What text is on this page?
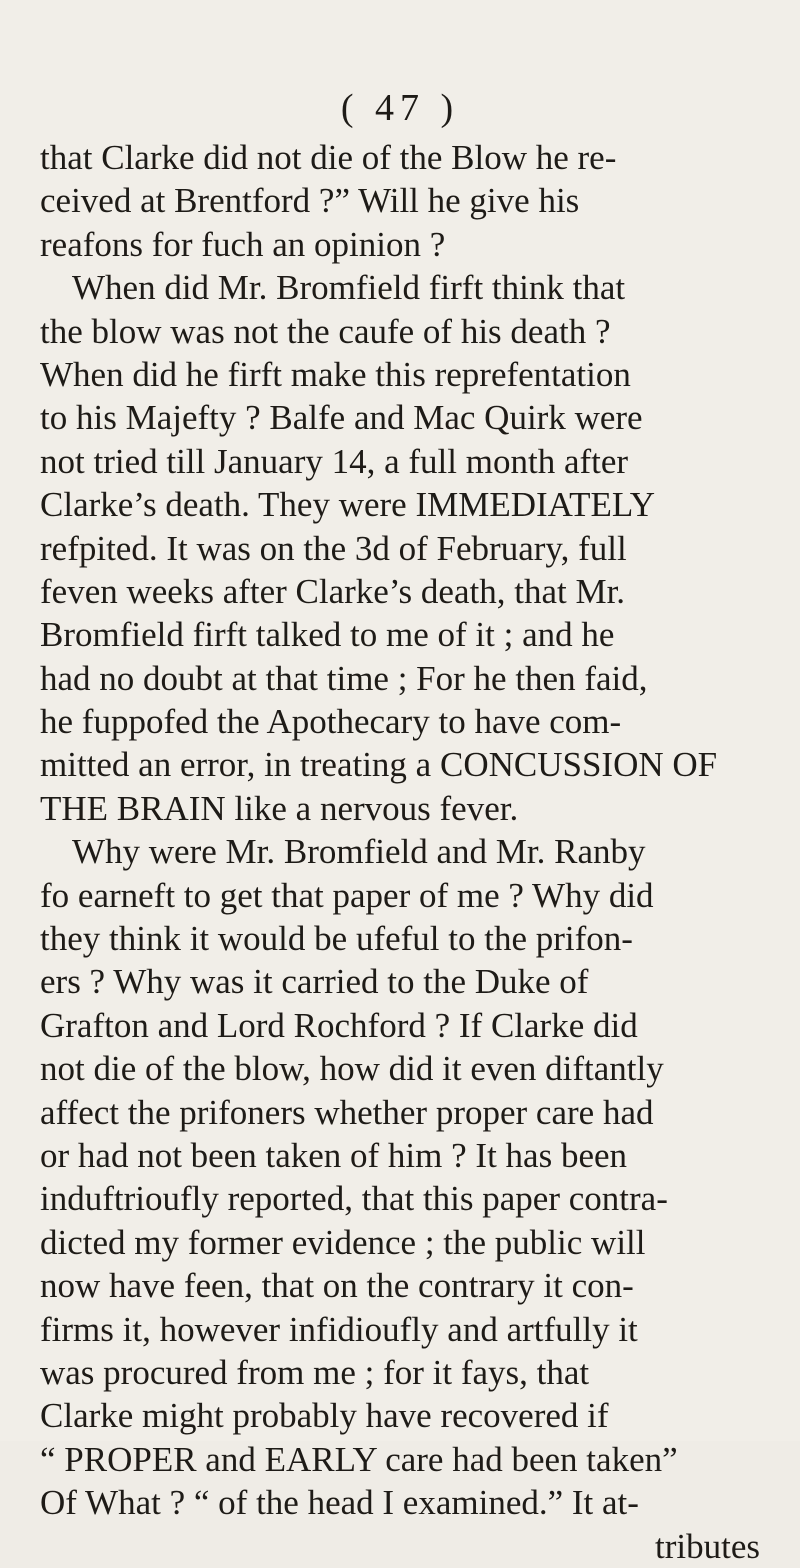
( 47 )
that Clarke did not die of the Blow he re-
ceived at Brentford ?” Will he give his
reafons for fuch an opinion ?
When did Mr. Bromfield firft think that
the blow was not the caufe of his death ?
When did he firft make this reprefentation
to his Majefty ? Balfe and Mac Quirk were
not tried till January 14, a full month after
Clarke’s death. They were IMMEDIATELY
refpited. It was on the 3d of February, full
feven weeks after Clarke’s death, that Mr.
Bromfield firft talked to me of it ; and he
had no doubt at that time ; For he then faid,
he fuppofed the Apothecary to have com-
mitted an error, in treating a CONCUSSION OF
THE BRAIN like a nervous fever.
Why were Mr. Bromfield and Mr. Ranby
fo earneft to get that paper of me ? Why did
they think it would be ufeful to the prifon-
ers ? Why was it carried to the Duke of
Grafton and Lord Rochford ? If Clarke did
not die of the blow, how did it even diftantly
affect the prifoners whether proper care had
or had not been taken of him ? It has been
induftrioufly reported, that this paper contra-
dicted my former evidence ; the public will
now have feen, that on the contrary it con-
firms it, however infidioufly and artfully it
was procured from me ; for it fays, that
Clarke might probably have recovered if
“ PROPER and EARLY care had been taken”
Of What ? “ of the head I examined.” It at-
tributes
